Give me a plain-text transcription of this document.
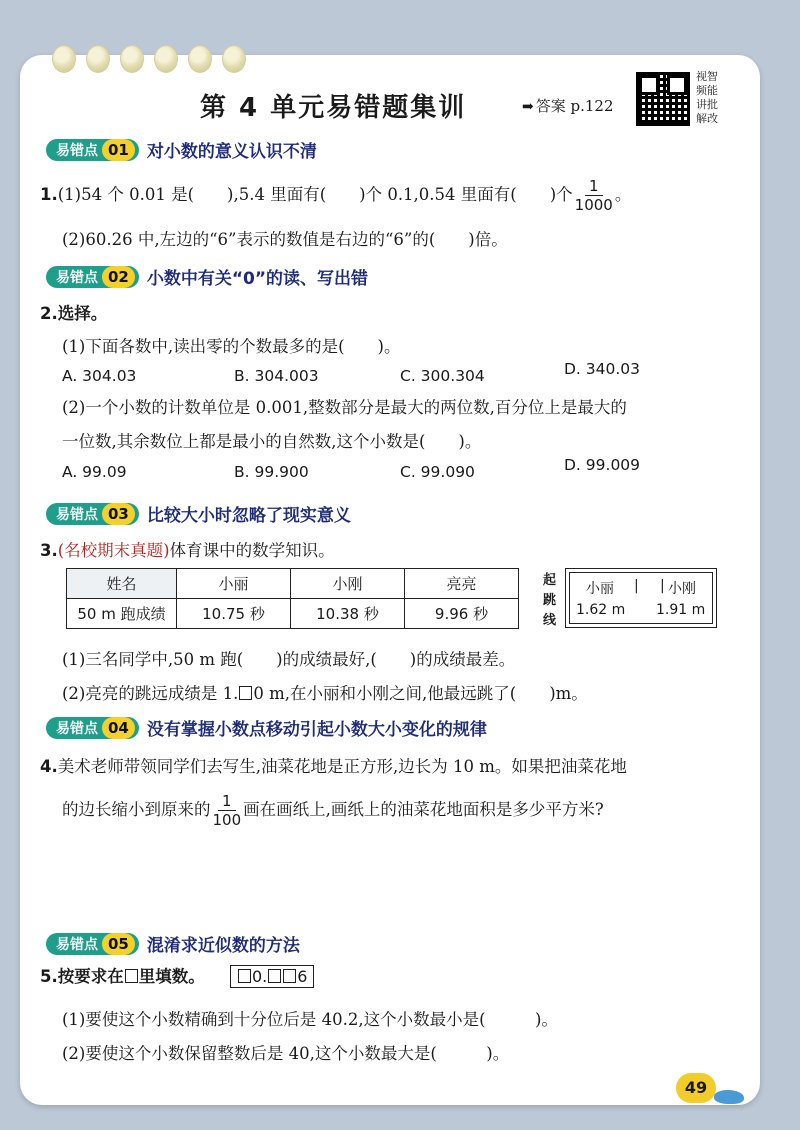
第 4 单元易错题集训	➡ 答案 p.122
视智
频能
讲批
解改
易错点 01	对小数的意义认识不清
1.(1)54 个 0.01 是(　　),5.4 里面有(　　)个 0.1,0.54 里面有(　　)个 $\frac{1}{1000}$ 。
(2)60.26 中,左边的“6”表示的数值是右边的“6”的(　　)倍。
易错点 02	小数中有关“0”的读、写出错
2.选择。
(1)下面各数中,读出零的个数最多的是(　　)。
A. 304.03	B. 304.003	C. 300.304	D. 340.03
(2)一个小数的计数单位是 0.001,整数部分是最大的两位数,百分位上是最大的
一位数,其余数位上都是最小的自然数,这个小数是(　　)。
A. 99.09	B. 99.900	C. 99.090	D. 99.009
易错点 03	比较大小时忽略了现实意义
3.(名校期末真题)体育课中的数学知识。
姓名	小丽	小刚	亮亮
50 m 跑成绩	10.75 秒	10.38 秒	9.96 秒
起跳线
小丽 | | 小刚
1.62 m 1.91 m
(1)三名同学中,50 m 跑(　　)的成绩最好,(　　)的成绩最差。
(2)亮亮的跳远成绩是 1. 0 m,在小丽和小刚之间,他最远跳了(　　)m。
易错点 04	没有掌握小数点移动引起小数大小变化的规律
4.美术老师带领同学们去写生,油菜花地是正方形,边长为 10 m。如果把油菜花地
的边长缩小到原来的 $\frac{1}{100}$ 画在画纸上,画纸上的油菜花地面积是多少平方米?
易错点 05	混淆求近似数的方法
5.按要求在 里填数。	0. 6
(1)要使这个小数精确到十分位后是 40.2,这个小数最小是(　　　)。
(2)要使这个小数保留整数后是 40,这个小数最大是(　　　)。
49
